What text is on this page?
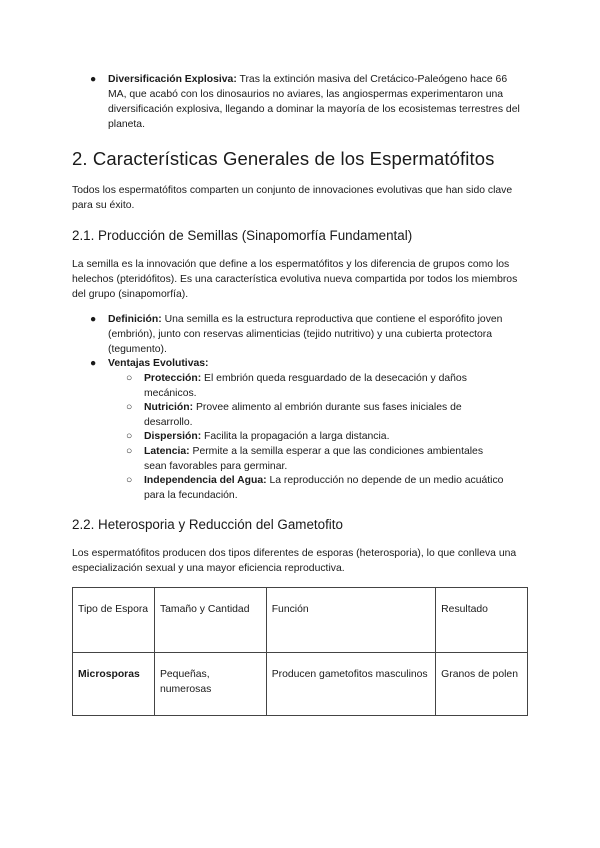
● Diversificación Explosiva: Tras la extinción masiva del Cretácico-Paleógeno hace 66 MA, que acabó con los dinosaurios no aviares, las angiospermas experimentaron una diversificación explosiva, llegando a dominar la mayoría de los ecosistemas terrestres del planeta.

2. Características Generales de los Espermatófitos

Todos los espermatófitos comparten un conjunto de innovaciones evolutivas que han sido clave para su éxito.

2.1. Producción de Semillas (Sinapomorfía Fundamental)

La semilla es la innovación que define a los espermatófitos y los diferencia de grupos como los helechos (pteridófitos). Es una característica evolutiva nueva compartida por todos los miembros del grupo (sinapomorfía).

● Definición: Una semilla es la estructura reproductiva que contiene el esporófito joven (embrión), junto con reservas alimenticias (tejido nutritivo) y una cubierta protectora (tegumento).

● Ventajas Evolutivas:

○ Protección: El embrión queda resguardado de la desecación y daños mecánicos.

○ Nutrición: Provee alimento al embrión durante sus fases iniciales de desarrollo.

○ Dispersión: Facilita la propagación a larga distancia.

○ Latencia: Permite a la semilla esperar a que las condiciones ambientales sean favorables para germinar.

○ Independencia del Agua: La reproducción no depende de un medio acuático para la fecundación.

2.2. Heterosporia y Reducción del Gametofito

Los espermatófitos producen dos tipos diferentes de esporas (heterosporia), lo que conlleva una especialización sexual y una mayor eficiencia reproductiva.

Tipo de Espora	Tamaño y Cantidad	Función	Resultado
Microsporas	Pequeñas, numerosas	Producen gametofitos masculinos	Granos de polen
